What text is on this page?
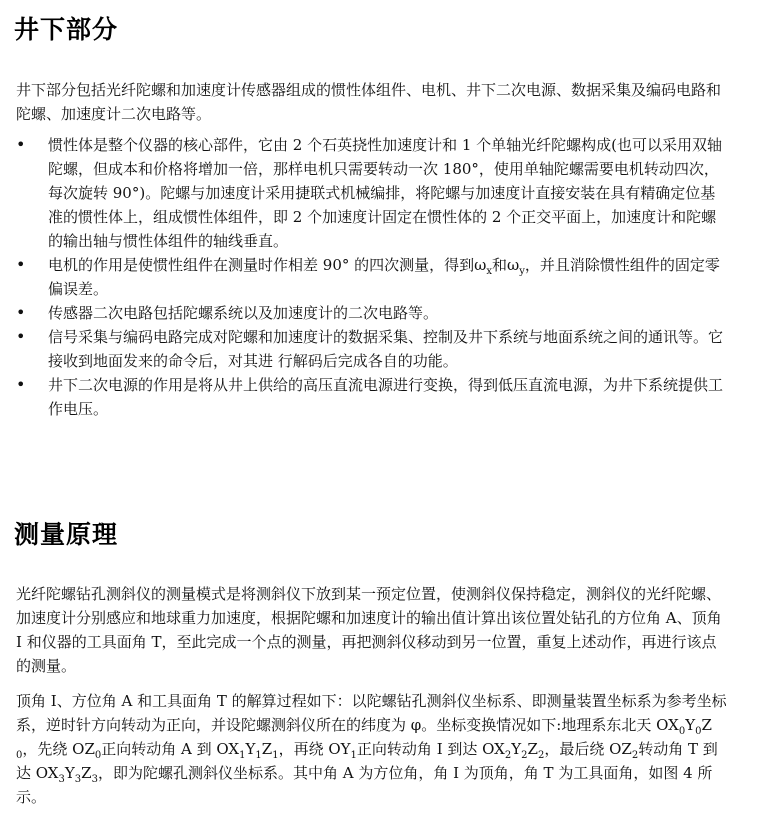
井下部分

井下部分包括光纤陀螺和加速度计传感器组成的惯性体组件、电机、井下二次电源、数据采集及编码电路和陀螺、加速度计二次电路等。

• 惯性体是整个仪器的核心部件，它由 2 个石英挠性加速度计和 1 个单轴光纤陀螺构成(也可以采用双轴陀螺，但成本和价格将增加一倍，那样电机只需要转动一次 180°，使用单轴陀螺需要电机转动四次，每次旋转 90°)。陀螺与加速度计采用捷联式机械编排，将陀螺与加速度计直接安装在具有精确定位基准的惯性体上，组成惯性体组件，即 2 个加速度计固定在惯性体的 2 个正交平面上，加速度计和陀螺的输出轴与惯性体组件的轴线垂直。
• 电机的作用是使惯性组件在测量时作相差 90° 的四次测量，得到$\omega_x$和$\omega_y$，并且消除惯性组件的固定零偏误差。
• 传感器二次电路包括陀螺系统以及加速度计的二次电路等。
• 信号采集与编码电路完成对陀螺和加速度计的数据采集、控制及井下系统与地面系统之间的通讯等。它接收到地面发来的命令后，对其进 行解码后完成各自的功能。
• 井下二次电源的作用是将从井上供给的高压直流电源进行变换，得到低压直流电源，为井下系统提供工作电压。
测量原理

光纤陀螺钻孔测斜仪的测量模式是将测斜仪下放到某一预定位置，使测斜仪保持稳定，测斜仪的光纤陀螺、加速度计分别感应和地球重力加速度，根据陀螺和加速度计的输出值计算出该位置处钻孔的方位角 A、顶角 I 和仪器的工具面角 T，至此完成一个点的测量，再把测斜仪移动到另一位置，重复上述动作，再进行该点的测量。

顶角 I、方位角 A 和工具面角 T 的解算过程如下：以陀螺钻孔测斜仪坐标系、即测量装置坐标系为参考坐标系，逆时针方向转动为正向，并设陀螺测斜仪所在的纬度为 φ。坐标变换情况如下:地理系东北天 $OX_0Y_0Z_0$，先绕 $OZ_0$正向转动角 A 到 $OX_1Y_1Z_1$，再绕 $OY_1$正向转动角 I 到达 $OX_2Y_2Z_2$，最后绕 $OZ_2$转动角 T 到达 $OX_3Y_3Z_3$，即为陀螺孔测斜仪坐标系。其中角 A 为方位角，角 I 为顶角，角 T 为工具面角，如图 4 所示。
